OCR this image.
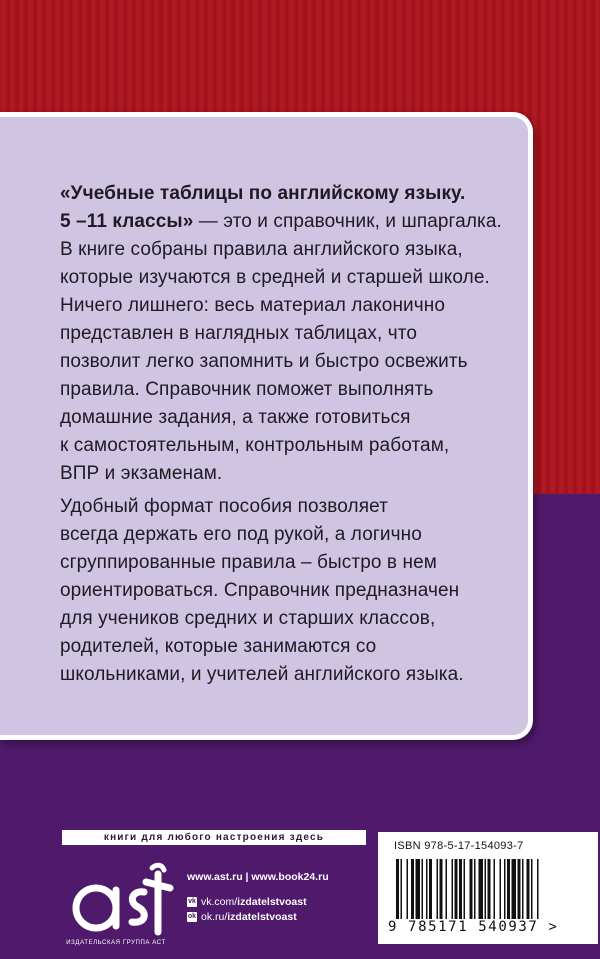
«Учебные таблицы по английскому языку.
5 –11 классы» — это и справочник, и шпаргалка.
В книге собраны правила английского языка,
которые изучаются в средней и старшей школе.
Ничего лишнего: весь материал лаконично
представлен в наглядных таблицах, что
позволит легко запомнить и быстро освежить
правила. Справочник поможет выполнять
домашние задания, а также готовиться
к самостоятельным, контрольным работам,
ВПР и экзаменам.
Удобный формат пособия позволяет
всегда держать его под рукой, а логично
сгруппированные правила – быстро в нем
ориентироваться. Справочник предназначен
для учеников средних и старших классов,
родителей, которые занимаются со
школьниками, и учителей английского языка.
книги для любого настроения здесь
ИЗДАТЕЛЬСКАЯ ГРУППА АСТ
www.ast.ru | www.book24.ru
vk vk.com/ izdatelstvoast
ok ok.ru/ izdatelstvoast
ISBN 978-5-17-154093-7
9 785171 540937 >
